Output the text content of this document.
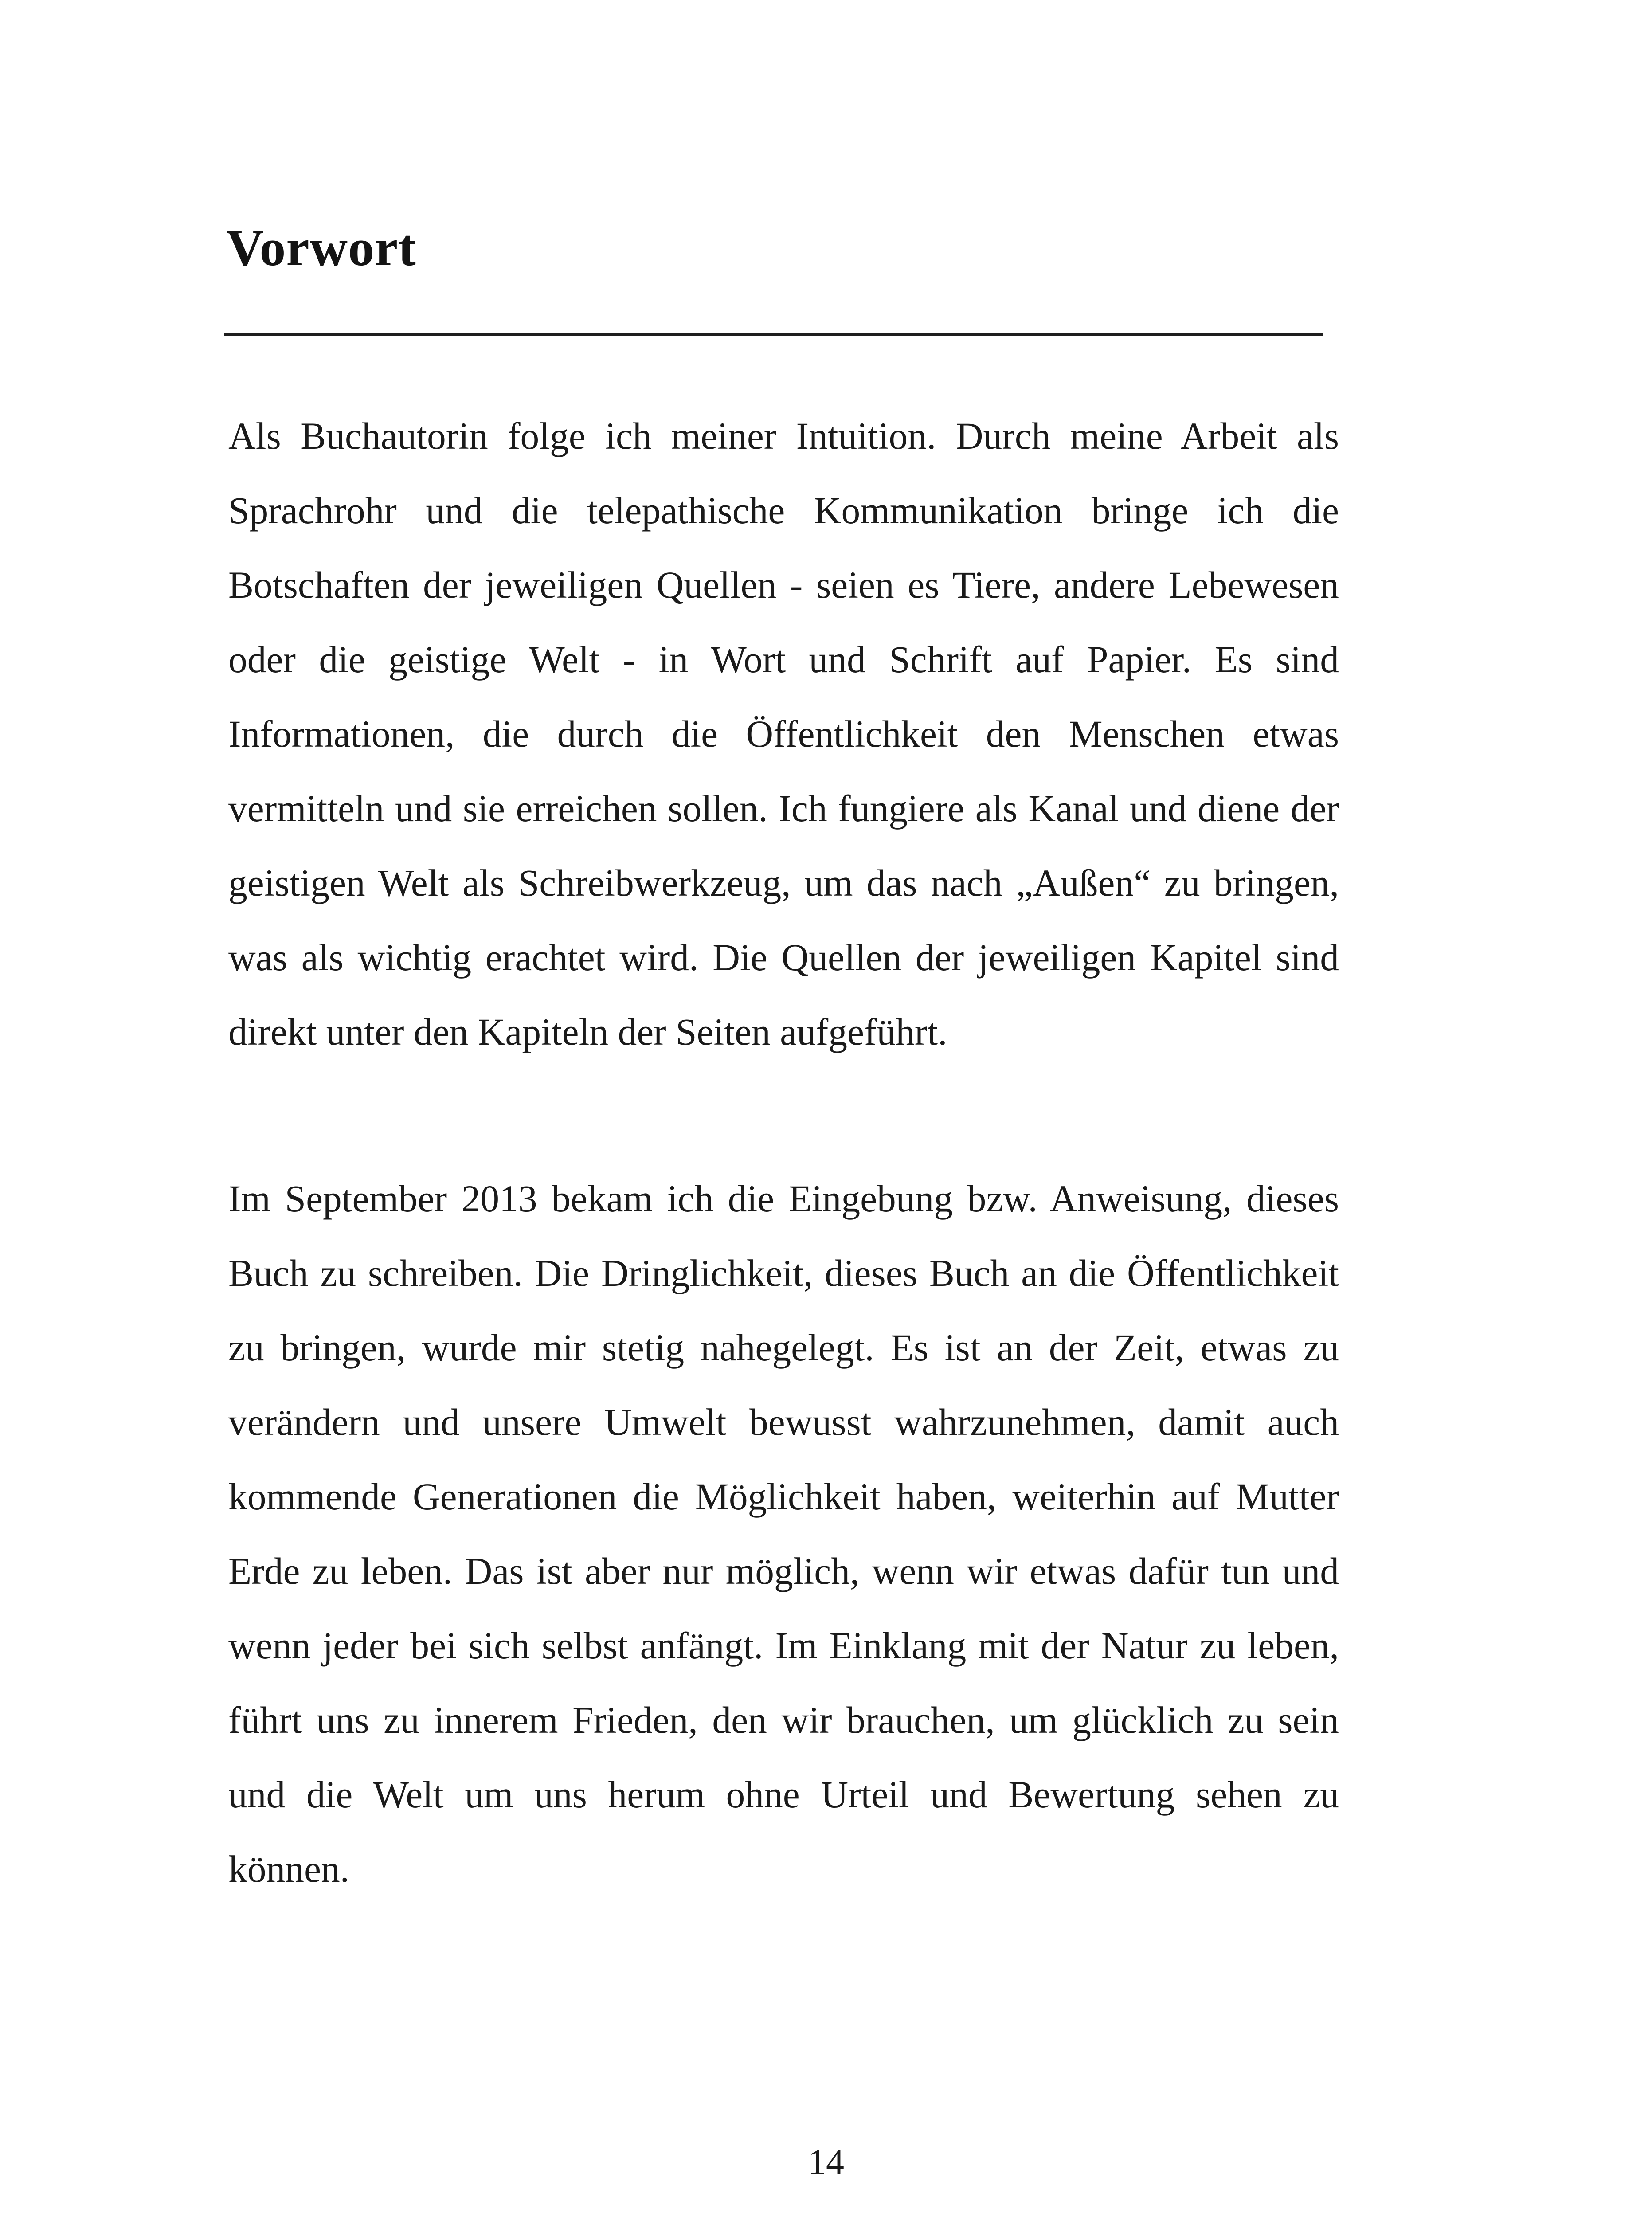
Vorwort

Als Buchautorin folge ich meiner Intuition. Durch meine Arbeit als Sprachrohr und die telepathische Kommunikation bringe ich die Botschaften der jeweiligen Quellen - seien es Tiere, andere Lebewesen oder die geistige Welt - in Wort und Schrift auf Papier. Es sind Informationen, die durch die Öffentlichkeit den Menschen etwas vermitteln und sie erreichen sollen. Ich fungiere als Kanal und diene der geistigen Welt als Schreibwerkzeug, um das nach „Außen“ zu bringen, was als wichtig erachtet wird. Die Quellen der jeweiligen Kapitel sind direkt unter den Kapiteln der Seiten aufgeführt.

Im September 2013 bekam ich die Eingebung bzw. Anweisung, dieses Buch zu schreiben. Die Dringlichkeit, dieses Buch an die Öffentlichkeit zu bringen, wurde mir stetig nahegelegt. Es ist an der Zeit, etwas zu verändern und unsere Umwelt bewusst wahrzunehmen, damit auch kommende Generationen die Möglichkeit haben, weiterhin auf Mutter Erde zu leben. Das ist aber nur möglich, wenn wir etwas dafür tun und wenn jeder bei sich selbst anfängt. Im Einklang mit der Natur zu leben, führt uns zu innerem Frieden, den wir brauchen, um glücklich zu sein und die Welt um uns herum ohne Urteil und Bewertung sehen zu können.

14
